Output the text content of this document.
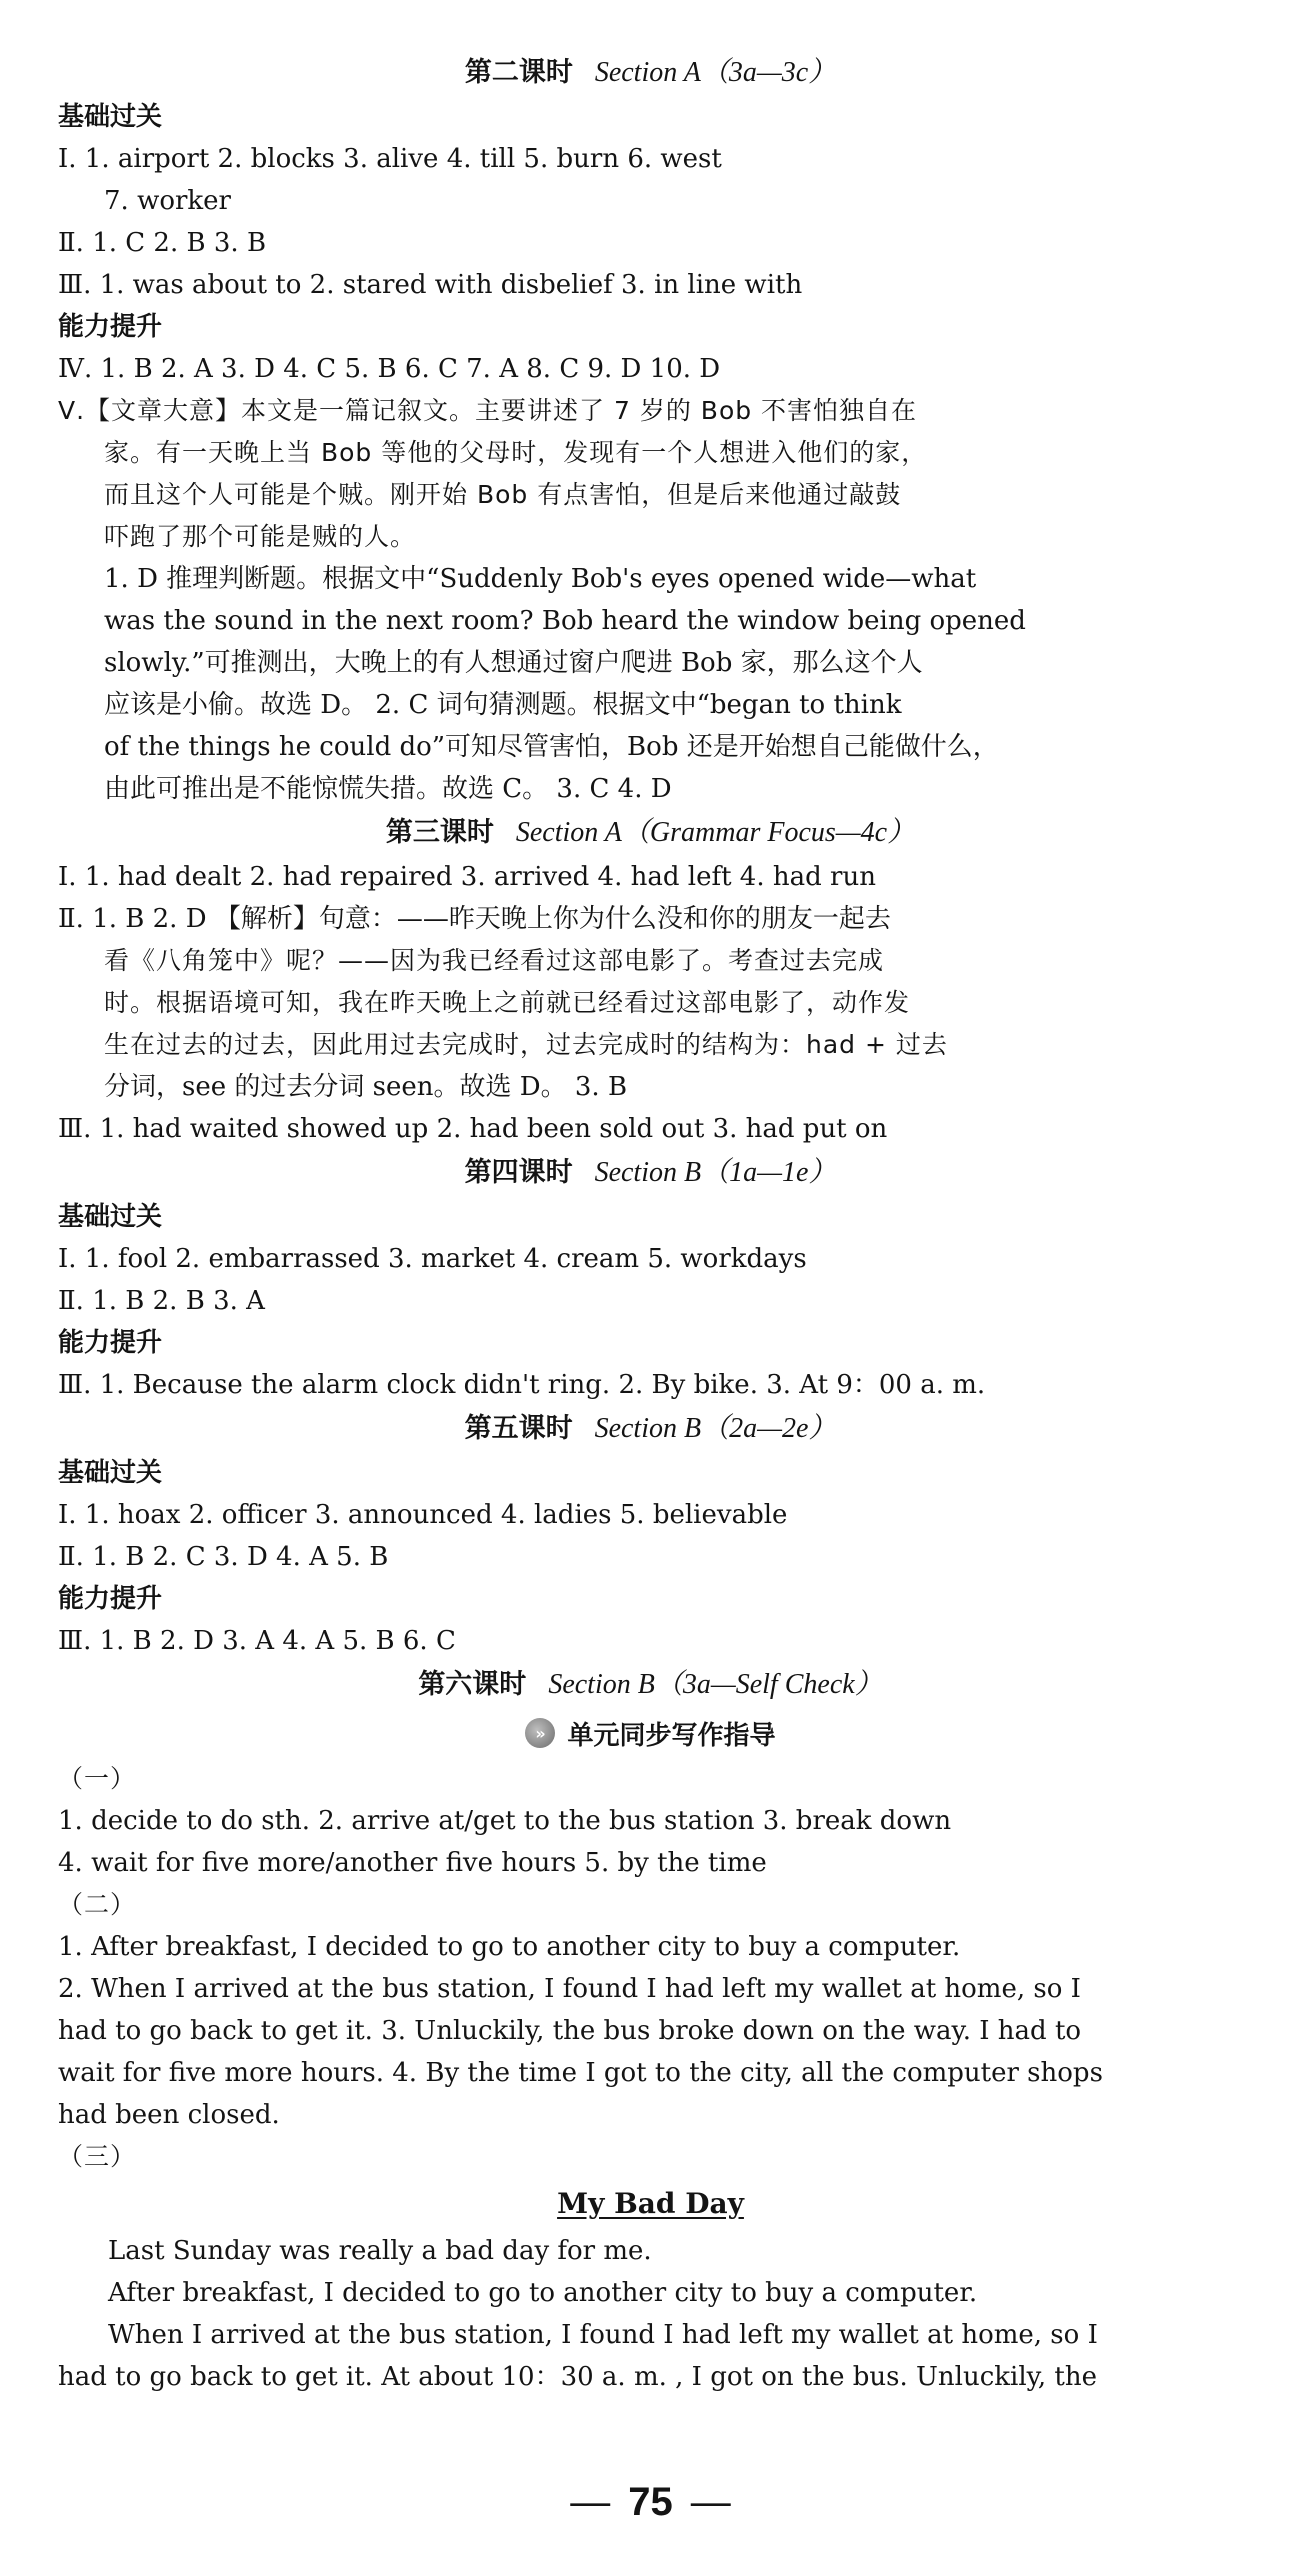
第二课时 Section A（3a—3c）
基础过关
Ⅰ. 1. airport 2. blocks 3. alive 4. till 5. burn 6. west
7. worker
Ⅱ. 1. C 2. B 3. B
Ⅲ. 1. was about to 2. stared with disbelief 3. in line with
能力提升
Ⅳ. 1. B 2. A 3. D 4. C 5. B 6. C 7. A 8. C 9. D 10. D
Ⅴ.【文章大意】本文是一篇记叙文。主要讲述了 7 岁的 Bob 不害怕独自在
家。有一天晚上当 Bob 等他的父母时，发现有一个人想进入他们的家，
而且这个人可能是个贼。刚开始 Bob 有点害怕，但是后来他通过敲鼓
吓跑了那个可能是贼的人。
1. D 推理判断题。根据文中“Suddenly Bob's eyes opened wide—what
was the sound in the next room? Bob heard the window being opened
slowly.”可推测出，大晚上的有人想通过窗户爬进 Bob 家，那么这个人
应该是小偷。故选 D。 2. C 词句猜测题。根据文中“began to think
of the things he could do”可知尽管害怕，Bob 还是开始想自己能做什么，
由此可推出是不能惊慌失措。故选 C。 3. C 4. D
第三课时 Section A（Grammar Focus—4c）
Ⅰ. 1. had dealt 2. had repaired 3. arrived 4. had left 4. had run
Ⅱ. 1. B 2. D 【解析】句意：——昨天晚上你为什么没和你的朋友一起去
看《八角笼中》呢？——因为我已经看过这部电影了。考查过去完成
时。根据语境可知，我在昨天晚上之前就已经看过这部电影了，动作发
生在过去的过去，因此用过去完成时，过去完成时的结构为：had + 过去
分词，see 的过去分词 seen。故选 D。 3. B
Ⅲ. 1. had waited showed up 2. had been sold out 3. had put on
第四课时 Section B（1a—1e）
基础过关
Ⅰ. 1. fool 2. embarrassed 3. market 4. cream 5. workdays
Ⅱ. 1. B 2. B 3. A
能力提升
Ⅲ. 1. Because the alarm clock didn't ring. 2. By bike. 3. At 9：00 a. m.
第五课时 Section B（2a—2e）
基础过关
Ⅰ. 1. hoax 2. officer 3. announced 4. ladies 5. believable
Ⅱ. 1. B 2. C 3. D 4. A 5. B
能力提升
Ⅲ. 1. B 2. D 3. A 4. A 5. B 6. C
第六课时 Section B（3a—Self Check）
» 单元同步写作指导
（一）
1. decide to do sth. 2. arrive at/get to the bus station 3. break down
4. wait for five more/another five hours 5. by the time
（二）
1. After breakfast, I decided to go to another city to buy a computer.
2. When I arrived at the bus station, I found I had left my wallet at home, so I
had to go back to get it. 3. Unluckily, the bus broke down on the way. I had to
wait for five more hours. 4. By the time I got to the city, all the computer shops
had been closed.
（三）
My Bad Day

Last Sunday was really a bad day for me.

After breakfast, I decided to go to another city to buy a computer.

When I arrived at the bus station, I found I had left my wallet at home, so I

had to go back to get it. At about 10：30 a. m. , I got on the bus. Unluckily, the

— 75 —
